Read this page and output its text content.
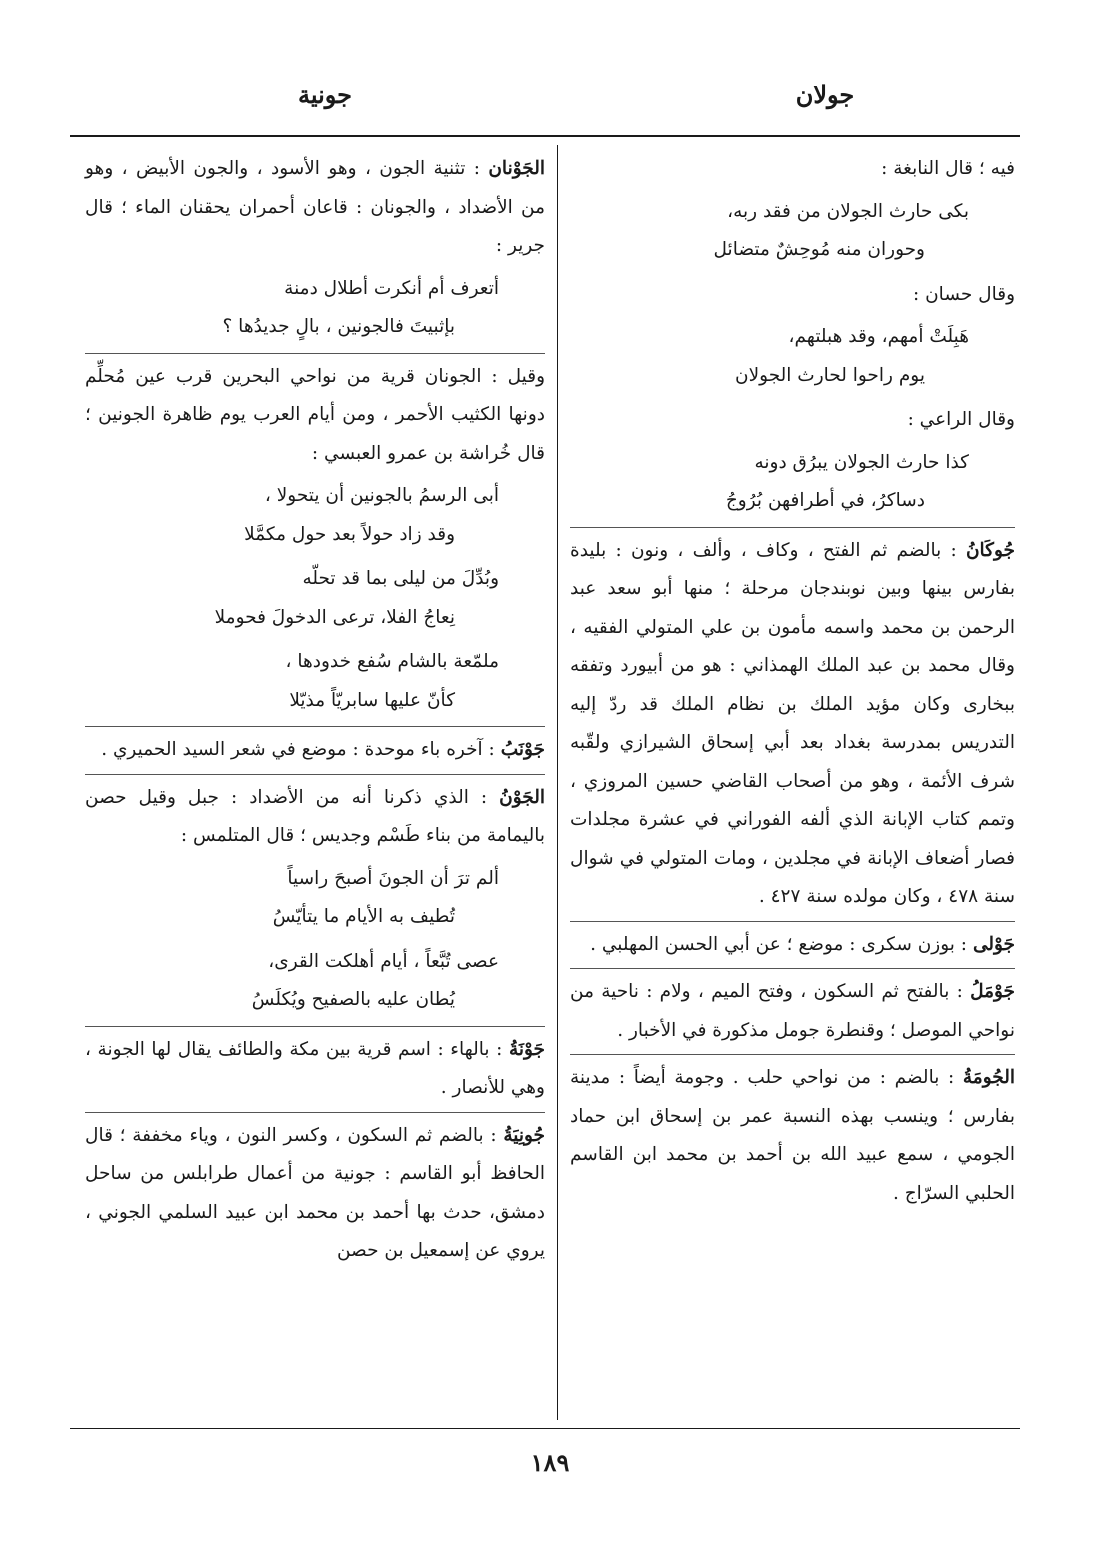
جولان
جونية
فيه ؛ قال النابغة :
بكى حارث الجولان من فقد ربه،
وحوران منه مُوحِشٌ متضائل
وقال حسان :
هَبِلَتْ أمهم، وقد هبلتهم،
يوم راحوا لحارث الجولان
وقال الراعي :
كذا حارث الجولان يبرُق دونه
دساكرُ، في أطرافهن بُرُوجُ
جُوكَانُ : بالضم ثم الفتح ، وكاف ، وألف ، ونون : بليدة بفارس بينها وبين نوبندجان مرحلة ؛ منها أبو سعد عبد الرحمن بن محمد واسمه مأمون بن علي المتولي الفقيه ، وقال محمد بن عبد الملك الهمذاني : هو من أبيورد وتفقه ببخارى وكان مؤيد الملك بن نظام الملك قد ردّ إليه التدريس بمدرسة بغداد بعد أبي إسحاق الشيرازي ولقّبه شرف الأئمة ، وهو من أصحاب القاضي حسين المروزي ، وتمم كتاب الإبانة الذي ألفه الفوراني في عشرة مجلدات فصار أضعاف الإبانة في مجلدين ، ومات المتولي في شوال سنة ٤٧٨ ، وكان مولده سنة ٤٢٧ .
جَوْلى : بوزن سكرى : موضع ؛ عن أبي الحسن المهلبي .
جَوْمَلُ : بالفتح ثم السكون ، وفتح الميم ، ولام : ناحية من نواحي الموصل ؛ وقنطرة جومل مذكورة في الأخبار .
الجُومَةُ : بالضم : من نواحي حلب . وجومة أيضاً : مدينة بفارس ؛ وينسب بهذه النسبة عمر بن إسحاق ابن حماد الجومي ، سمع عبيد الله بن أحمد بن محمد ابن القاسم الحلبي السرّاج .
الجَوْنان : تثنية الجون ، وهو الأسود ، والجون الأبيض ، وهو من الأضداد ، والجونان : قاعان أحمران يحقنان الماء ؛ قال جرير :
أتعرف أم أنكرت أطلال دمنة
بإثبيتَ فالجونين ، بالٍ جديدُها ؟
وقيل : الجونان قرية من نواحي البحرين قرب عين مُحلِّم دونها الكثيب الأحمر ، ومن أيام العرب يوم ظاهرة الجونين ؛ قال خُراشة بن عمرو العبسي :
أبى الرسمُ بالجونين أن يتحولا ،
وقد زاد حولاً بعد حول مكمَّلا
وبُدِّلَ من ليلى بما قد تحلّه
نِعاجُ الفلا، ترعى الدخولَ فحوملا
ملمّعة بالشام سُفع خدودها ،
كأنّ عليها سابريّاً مذيّلا
جَوْنَبُ : آخره باء موحدة : موضع في شعر السيد الحميري .
الجَوْنُ : الذي ذكرنا أنه من الأضداد : جبل وقيل حصن باليمامة من بناء طَسْم وجديس ؛ قال المتلمس :
ألم ترَ أن الجونَ أصبحَ راسياً
تُطيف به الأيام ما يتأيّسُ
عصى تُبَّعاً ، أيام أهلكت القرى،
يُطان عليه بالصفيح ويُكلَسُ
جَوْنَةُ : بالهاء : اسم قرية بين مكة والطائف يقال لها الجونة ، وهي للأنصار .
جُونِيَةُ : بالضم ثم السكون ، وكسر النون ، وياء مخففة ؛ قال الحافظ أبو القاسم : جونية من أعمال طرابلس من ساحل دمشق، حدث بها أحمد بن محمد ابن عبيد السلمي الجوني ، يروي عن إسمعيل بن حصن
١٨٩
